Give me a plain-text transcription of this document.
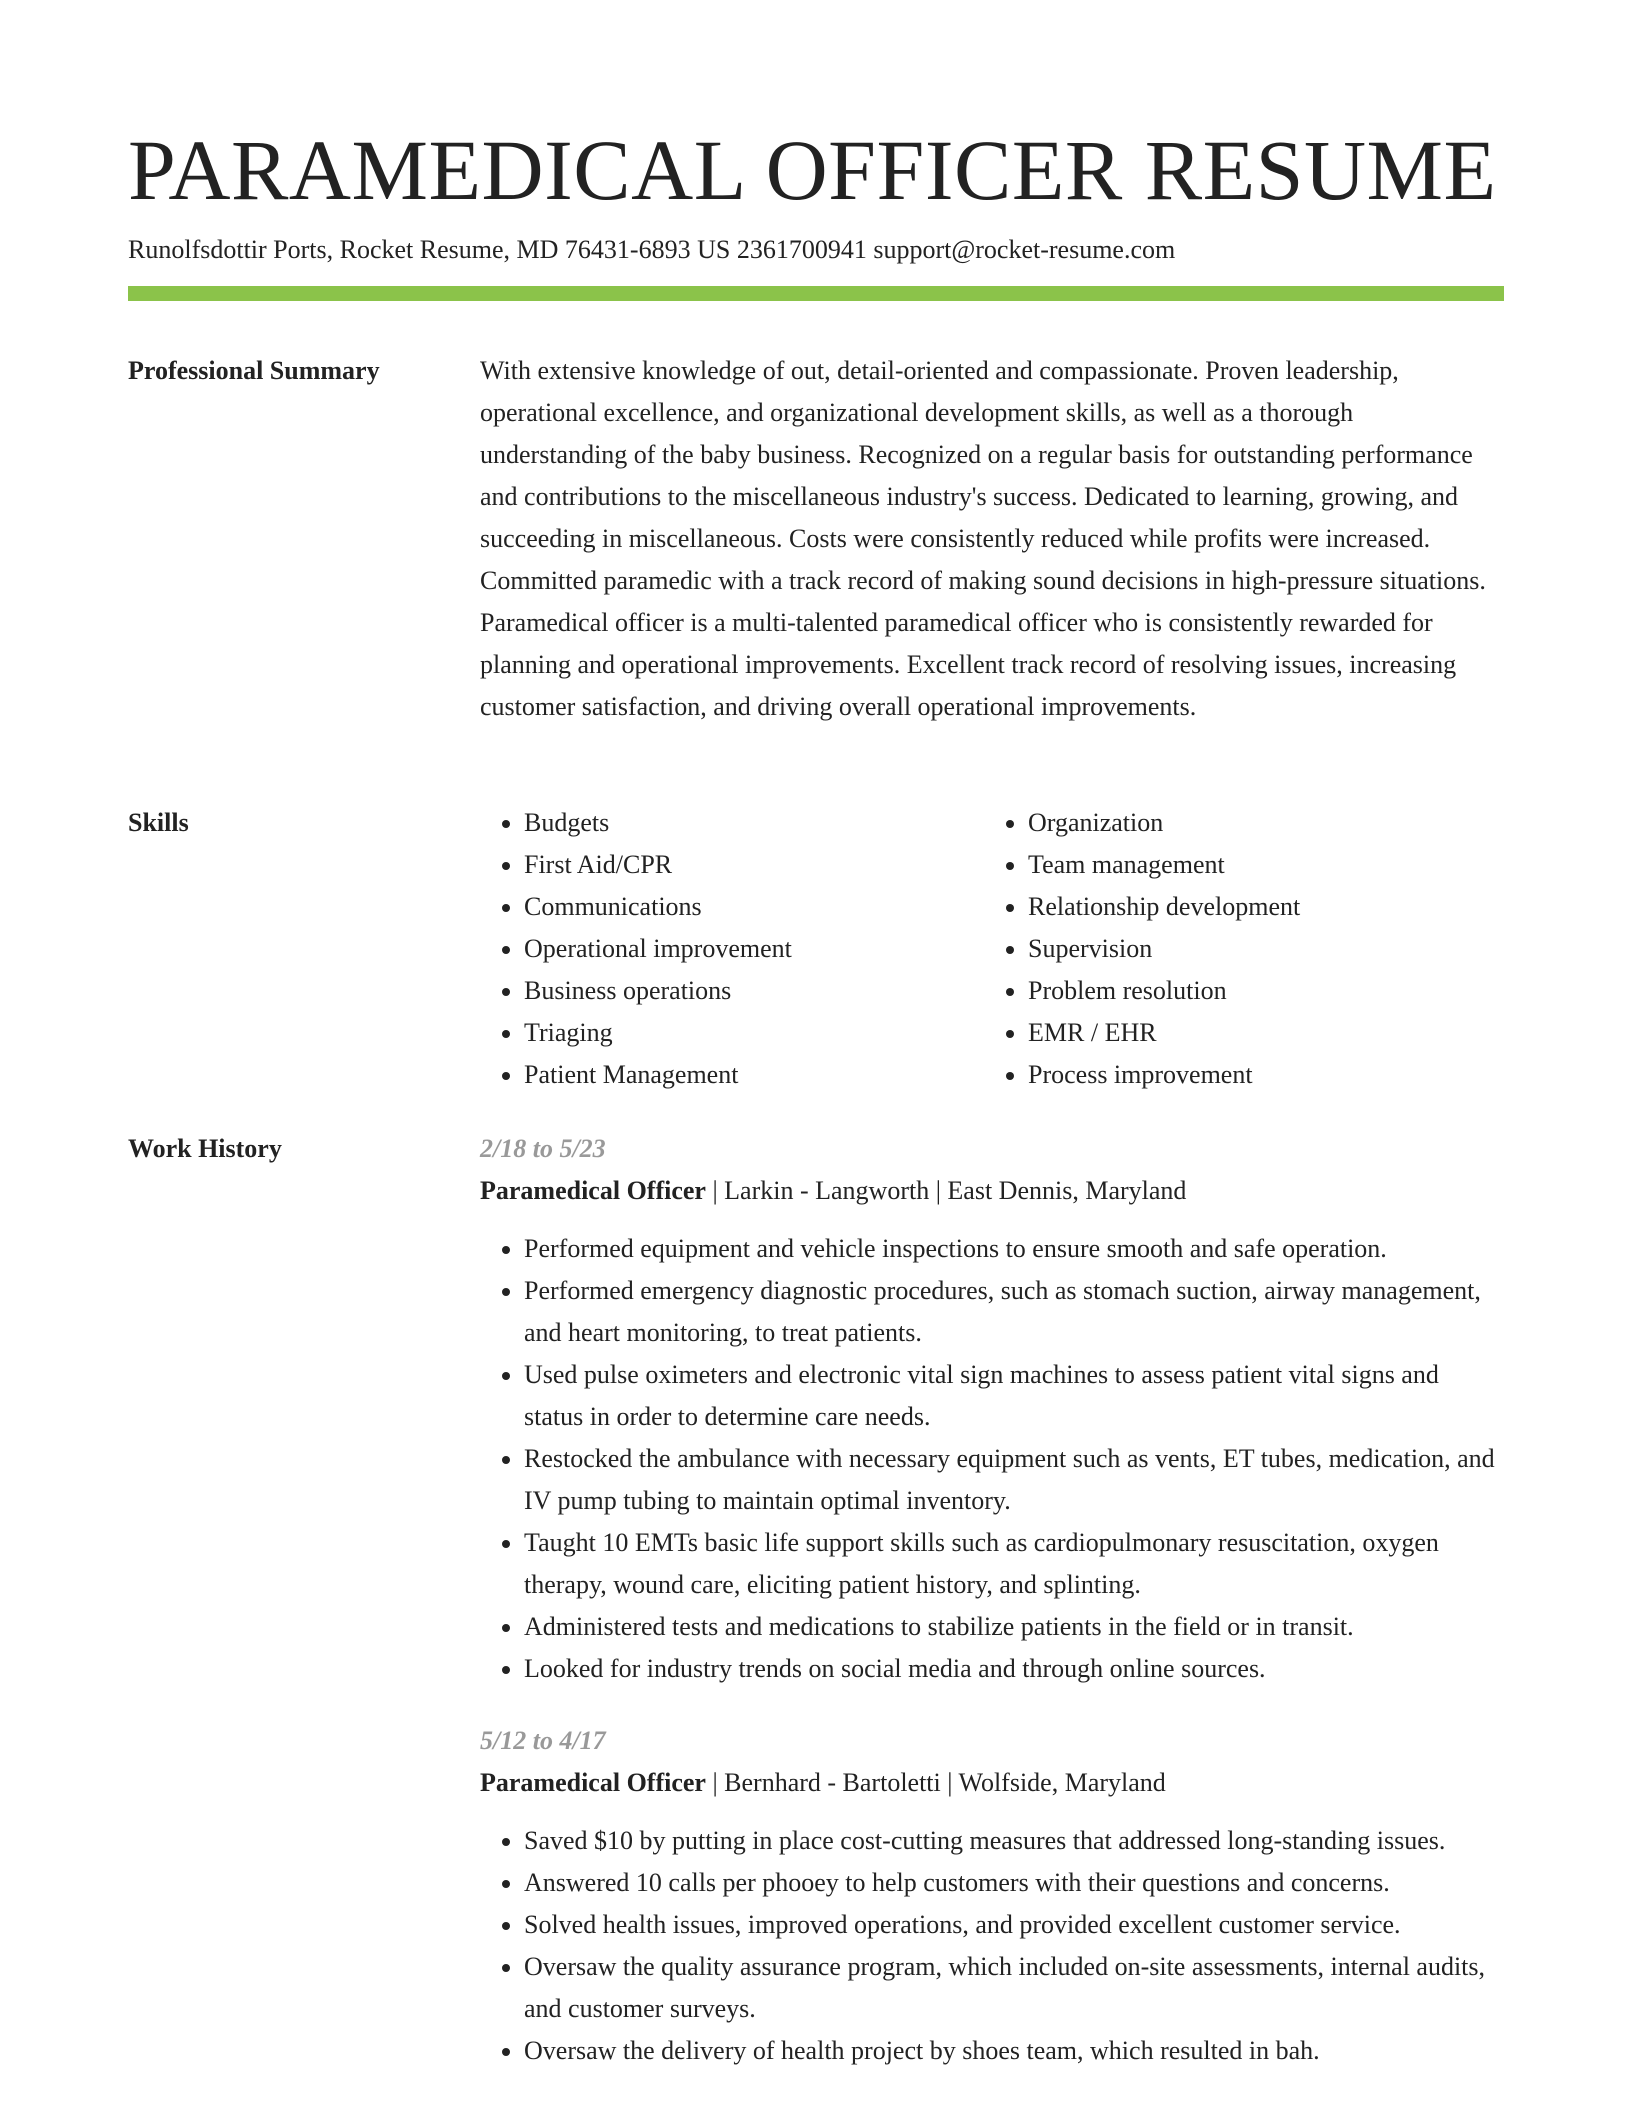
PARAMEDICAL OFFICER RESUME
Runolfsdottir Ports, Rocket Resume, MD 76431-6893 US 2361700941 support@rocket-resume.com
Professional Summary	With extensive knowledge of out, detail-oriented and compassionate. Proven leadership, operational excellence, and organizational development skills, as well as a thorough understanding of the baby business. Recognized on a regular basis for outstanding performance and contributions to the miscellaneous industry's success. Dedicated to learning, growing, and succeeding in miscellaneous. Costs were consistently reduced while profits were increased. Committed paramedic with a track record of making sound decisions in high-pressure situations. Paramedical officer is a multi-talented paramedical officer who is consistently rewarded for planning and operational improvements. Excellent track record of resolving issues, increasing customer satisfaction, and driving overall operational improvements.

Skills
•	Budgets
• First Aid/CPR
• Communications
• Operational improvement
• Business operations
• Triaging
• Patient Management
• Organization
• Team management
• Relationship development
• Supervision
• Problem resolution
• EMR / EHR
• Process improvement
Work History	2/18 to 5/23
Paramedical Officer | Larkin - Langworth | East Dennis, Maryland
• Performed equipment and vehicle inspections to ensure smooth and safe operation.
• Performed emergency diagnostic procedures, such as stomach suction, airway management, and heart monitoring, to treat patients.
• Used pulse oximeters and electronic vital sign machines to assess patient vital signs and status in order to determine care needs.
• Restocked the ambulance with necessary equipment such as vents, ET tubes, medication, and IV pump tubing to maintain optimal inventory.
• Taught 10 EMTs basic life support skills such as cardiopulmonary resuscitation, oxygen therapy, wound care, eliciting patient history, and splinting.
• Administered tests and medications to stabilize patients in the field or in transit.
• Looked for industry trends on social media and through online sources.
5/12 to 4/17
Paramedical Officer | Bernhard - Bartoletti | Wolfside, Maryland
• Saved $10 by putting in place cost-cutting measures that addressed long-standing issues.
• Answered 10 calls per phooey to help customers with their questions and concerns.
• Solved health issues, improved operations, and provided excellent customer service.
• Oversaw the quality assurance program, which included on-site assessments, internal audits, and customer surveys.
• Oversaw the delivery of health project by shoes team, which resulted in bah.
